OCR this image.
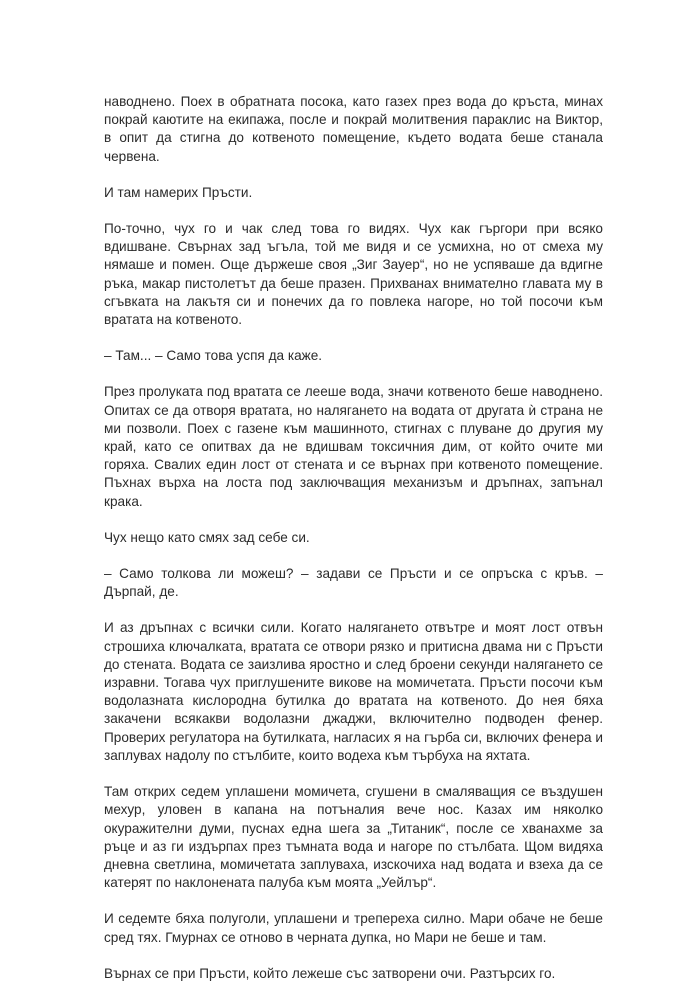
наводнено. Поех в обратната посока, като газех през вода до кръста, минах покрай каютите на екипажа, после и покрай молитвения параклис на Виктор, в опит да стигна до котвеното помещение, където водата беше станала червена.

И там намерих Пръсти.

По-точно, чух го и чак след това го видях. Чух как гъргори при всяко вдишване. Свърнах зад ъгъла, той ме видя и се усмихна, но от смеха му нямаше и помен. Още държеше своя „Зиг Зауер“, но не успяваше да вдигне ръка, макар пистолетът да беше празен. Прихванах внимателно главата му в сгъвката на лакътя си и понечих да го повлека нагоре, но той посочи към вратата на котвеното.

– Там... – Само това успя да каже.

През пролуката под вратата се лееше вода, значи котвеното беше наводнено. Опитах се да отворя вратата, но налягането на водата от другата ѝ страна не ми позволи. Поех с газене към машинното, стигнах с плуване до другия му край, като се опитвах да не вдишвам токсичния дим, от който очите ми горяха. Свалих един лост от стената и се върнах при котвеното помещение. Пъхнах върха на лоста под заключващия механизъм и дръпнах, запънал крака.

Чух нещо като смях зад себе си.

– Само толкова ли можеш? – задави се Пръсти и се опръска с кръв. – Дърпай, де.

И аз дръпнах с всички сили. Когато налягането отвътре и моят лост отвън строшиха ключалката, вратата се отвори рязко и притисна двама ни с Пръсти до стената. Водата се заизлива яростно и след броени секунди налягането се изравни. Тогава чух приглушените викове на момичетата. Пръсти посочи към водолазната кислородна бутилка до вратата на котвеното. До нея бяха закачени всякакви водолазни джаджи, включително подводен фенер. Проверих регулатора на бутилката, нагласих я на гърба си, включих фенера и заплувах надолу по стълбите, които водеха към търбуха на яхтата.

Там открих седем уплашени момичета, сгушени в смаляващия се въздушен мехур, уловен в капана на потъналия вече нос. Казах им няколко окуражителни думи, пуснах една шега за „Титаник“, после се хванахме за ръце и аз ги издърпах през тъмната вода и нагоре по стълбата. Щом видяха дневна светлина, момичетата заплуваха, изскочиха над водата и взеха да се катерят по наклонената палуба към моята „Уейлър“.

И седемте бяха полуголи, уплашени и трепереха силно. Мари обаче не беше сред тях. Гмурнах се отново в черната дупка, но Мари не беше и там.

Върнах се при Пръсти, който лежеше със затворени очи. Разтърсих го.
